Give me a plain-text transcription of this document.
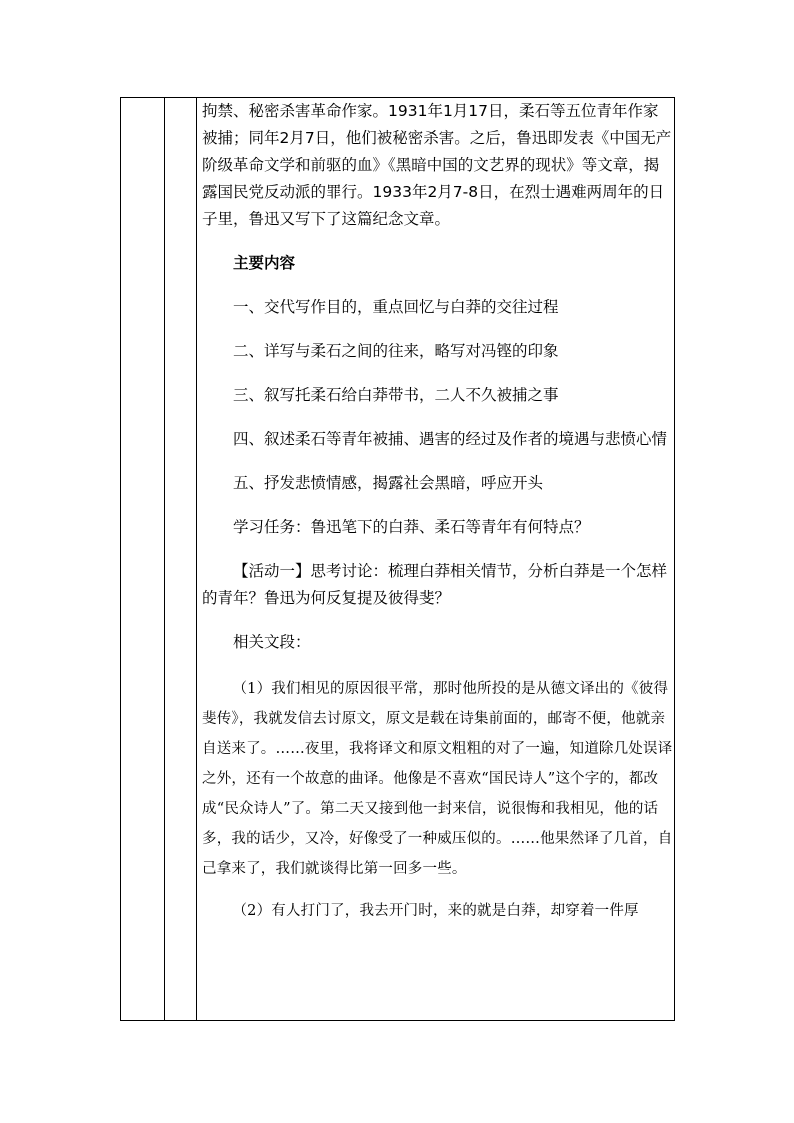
拘禁、秘密杀害革命作家。1931年1月17日，柔石等五位青年作家被捕；同年2月7日，他们被秘密杀害。之后，鲁迅即发表《中国无产阶级革命文学和前驱的血》《黑暗中国的文艺界的现状》等文章，揭露国民党反动派的罪行。1933年2月7-8日，在烈士遇难两周年的日子里，鲁迅又写下了这篇纪念文章。

主要内容

一、交代写作目的，重点回忆与白莽的交往过程

二、详写与柔石之间的往来，略写对冯铿的印象

三、叙写托柔石给白莽带书，二人不久被捕之事

四、叙述柔石等青年被捕、遇害的经过及作者的境遇与悲愤心情

五、抒发悲愤情感，揭露社会黑暗，呼应开头

学习任务：鲁迅笔下的白莽、柔石等青年有何特点？

【活动一】思考讨论：梳理白莽相关情节，分析白莽是一个怎样的青年？鲁迅为何反复提及彼得斐？

相关文段：

（1）我们相见的原因很平常，那时他所投的是从德文译出的《彼得斐传》，我就发信去讨原文，原文是载在诗集前面的，邮寄不便，他就亲自送来了。……夜里，我将译文和原文粗粗的对了一遍，知道除几处误译之外，还有一个故意的曲译。他像是不喜欢“国民诗人”这个字的，都改成“民众诗人”了。第二天又接到他一封来信，说很悔和我相见，他的话多，我的话少，又冷，好像受了一种威压似的。……他果然译了几首，自己拿来了，我们就谈得比第一回多一些。

（2）有人打门了，我去开门时，来的就是白莽，却穿着一件厚
